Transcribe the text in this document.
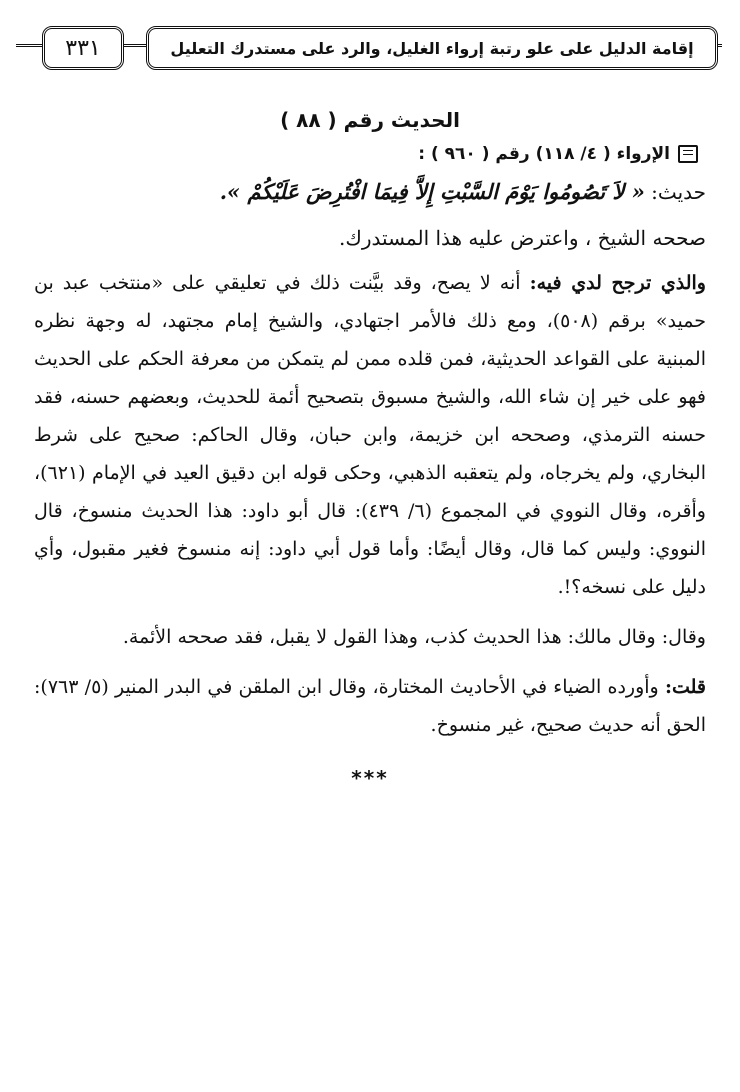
٣٣١	إقامة الدليل على علو رتبة إرواء الغليل، والرد على مستدرك التعليل
الحديث رقم ( ٨٨ )
الإرواء ( ٤/ ١١٨) رقم ( ٩٦٠ ) :
حديث: « لاَ تَصُومُوا يَوْمَ السَّبْتِ إِلاَّ فِيمَا افْتُرِضَ عَلَيْكُمْ ».
صححه الشيخ ، واعترض عليه هذا المستدرك.

والذي ترجح لدي فيه: أنه لا يصح، وقد بيَّنت ذلك في تعليقي على «منتخب عبد بن حميد» برقم (٥٠٨)، ومع ذلك فالأمر اجتهادي، والشيخ إمام مجتهد، له وجهة نظره المبنية على القواعد الحديثية، فمن قلده ممن لم يتمكن من معرفة الحكم على الحديث فهو على خير إن شاء الله، والشيخ مسبوق بتصحيح أئمة للحديث، وبعضهم حسنه، فقد حسنه الترمذي، وصححه ابن خزيمة، وابن حبان، وقال الحاكم: صحيح على شرط البخاري، ولم يخرجاه، ولم يتعقبه الذهبي، وحكى قوله ابن دقيق العيد في الإمام (٦٢١)، وأقره، وقال النووي في المجموع (٦/ ٤٣٩): قال أبو داود: هذا الحديث منسوخ، قال النووي: وليس كما قال، وقال أيضًا: وأما قول أبي داود: إنه منسوخ فغير مقبول، وأي دليل على نسخه؟!.

وقال: وقال مالك: هذا الحديث كذب، وهذا القول لا يقبل، فقد صححه الأئمة.

قلت: وأورده الضياء في الأحاديث المختارة، وقال ابن الملقن في البدر المنير (٥/ ٧٦٣): الحق أنه حديث صحيح، غير منسوخ.

***
